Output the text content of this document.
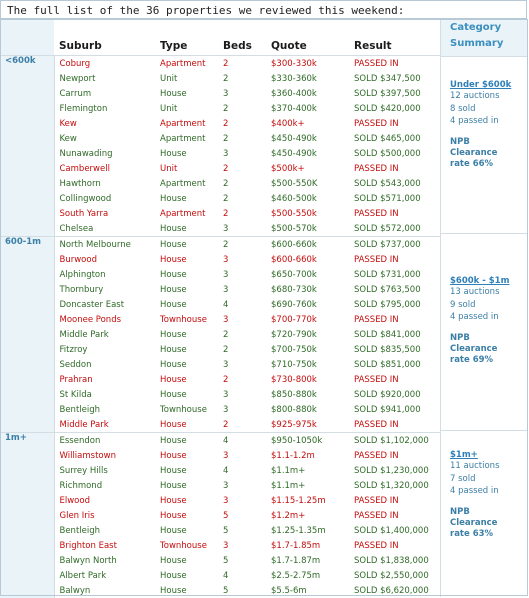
The full list of the 36 properties we reviewed this weekend:
	Suburb	Type	Beds	Quote	Result
<600k	Coburg	Apartment	2	$300-330k	PASSED IN
	Newport	Unit	2	$330-360k	SOLD $347,500
	Carrum	House	3	$360-400k	SOLD $397,500
	Flemington	Unit	2	$370-400k	SOLD $420,000
	Kew	Apartment	2	$400k+	PASSED IN
	Kew	Apartment	2	$450-490k	SOLD $465,000
	Nunawading	House	3	$450-490k	SOLD $500,000
	Camberwell	Unit	2	$500k+	PASSED IN
	Hawthorn	Apartment	2	$500-550K	SOLD $543,000
	Collingwood	House	2	$460-500k	SOLD $571,000
	South Yarra	Apartment	2	$500-550k	PASSED IN
	Chelsea	House	3	$500-570k	SOLD $572,000
600-1m	North Melbourne	House	2	$600-660k	SOLD $737,000
	Burwood	House	3	$600-660k	PASSED IN
	Alphington	House	3	$650-700k	SOLD $731,000
	Thornbury	House	3	$680-730k	SOLD $763,500
	Doncaster East	House	4	$690-760k	SOLD $795,000
	Moonee Ponds	Townhouse	3	$700-770k	PASSED IN
	Middle Park	House	2	$720-790k	SOLD $841,000
	Fitzroy	House	2	$700-750k	SOLD $835,500
	Seddon	House	3	$710-750k	SOLD $851,000
	Prahran	House	2	$730-800k	PASSED IN
	St Kilda	House	3	$850-880k	SOLD $920,000
	Bentleigh	Townhouse	3	$800-880k	SOLD $941,000
	Middle Park	House	2	$925-975k	PASSED IN
1m+	Essendon	House	4	$950-1050k	SOLD $1,102,000
	Williamstown	House	3	$1.1-1.2m	PASSED IN
	Surrey Hills	House	4	$1.1m+	SOLD $1,230,000
	Richmond	House	3	$1.1m+	SOLD $1,320,000
	Elwood	House	3	$1.15-1.25m	PASSED IN
	Glen Iris	House	5	$1.2m+	PASSED IN
	Bentleigh	House	5	$1.25-1.35m	SOLD $1,400,000
	Brighton East	Townhouse	3	$1.7-1.85m	PASSED IN
	Balwyn North	House	5	$1.7-1.87m	SOLD $1,838,000
	Albert Park	House	4	$2.5-2.75m	SOLD $2,550,000
	Balwyn	House	5	$5.5-6m	SOLD $6,620,000
Category
Summary
Under $600k
12 auctions
8 sold
4 passed in
NPB
Clearance
rate 66%
$600k - $1m
13 auctions
9 sold
4 passed in
NPB
Clearance
rate 69%
$1m+
11 auctions
7 sold
4 passed in
NPB
Clearance
rate 63%
